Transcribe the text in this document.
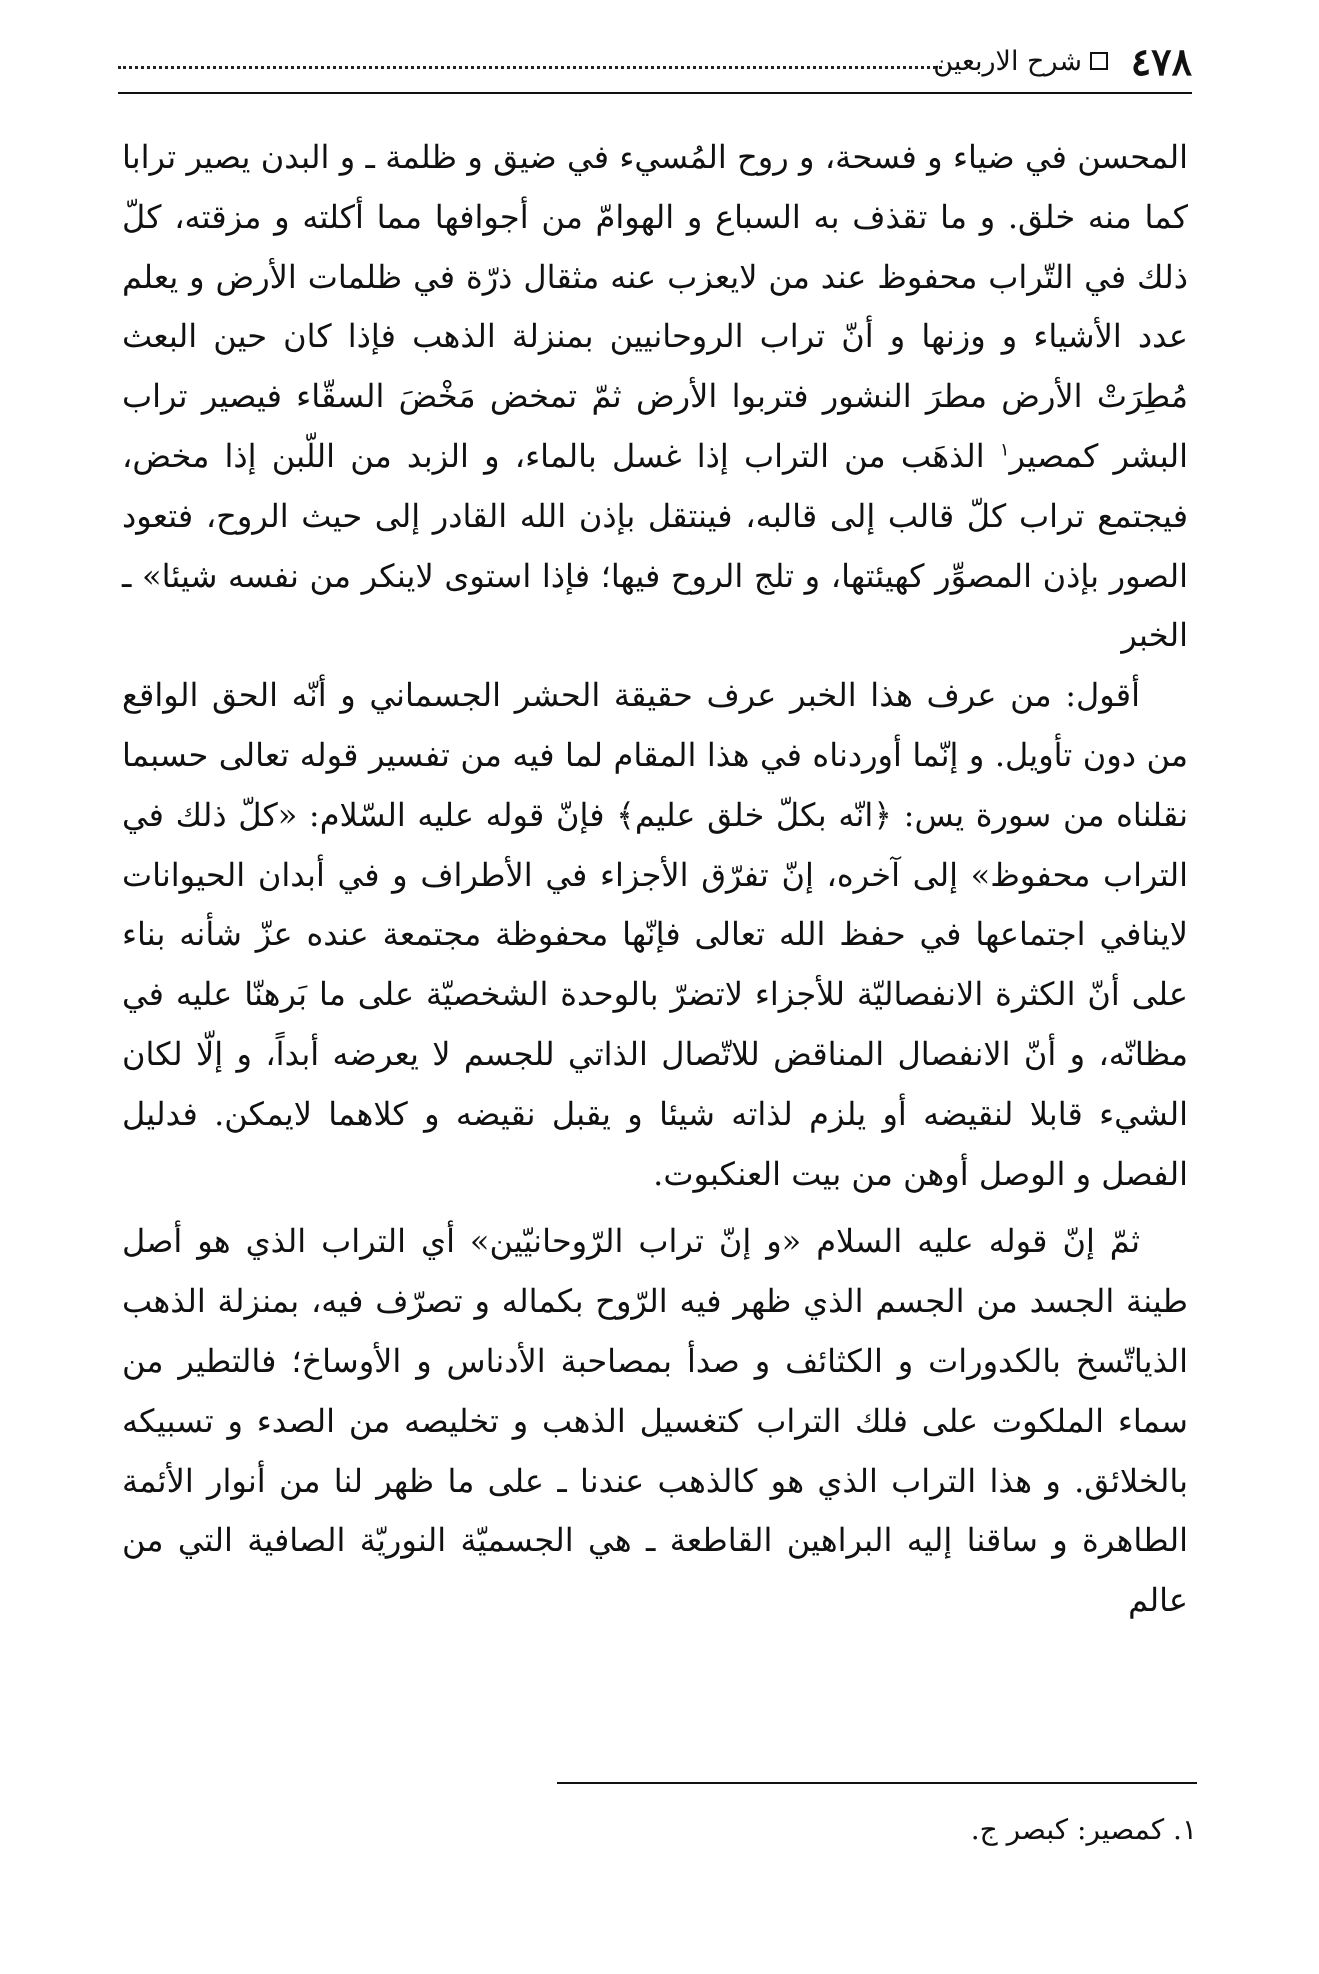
٤٧٨
شرح الاربعين

المحسن في ضياء و فسحة، و روح المُسيء في ضيق و ظلمة ـ و البدن يصير ترابا كما منه خلق. و ما تقذف به السباع و الهوامّ من أجوافها مما أكلته و مزقته، كلّ ذلك في التّراب محفوظ عند من لايعزب عنه مثقال ذرّة في ظلمات الأرض و يعلم عدد الأشياء و وزنها و أنّ تراب الروحانيين بمنزلة الذهب فإذا كان حين البعث مُطِرَتْ الأرض مطرَ النشور فتربوا الأرض ثمّ تمخض مَخْضَ السقّاء فيصير تراب البشر كمصير$^١$ الذهَب من التراب إذا غسل بالماء، و الزبد من اللّبن إذا مخض، فيجتمع تراب كلّ قالب إلى قالبه، فينتقل بإذن الله القادر إلى حيث الروح، فتعود الصور بإذن المصوِّر كهيئتها، و تلج الروح فيها؛ فإذا استوى لاينكر من نفسه شيئا» ـ الخبر

أقول: من عرف هذا الخبر عرف حقيقة الحشر الجسماني و أنّه الحق الواقع من دون تأويل. و إنّما أوردناه في هذا المقام لما فيه من تفسير قوله تعالى حسبما نقلناه من سورة يس: ﴿انّه بكلّ خلق عليم﴾ فإنّ قوله عليه السّلام: «كلّ ذلك في التراب محفوظ» إلى آخره، إنّ تفرّق الأجزاء في الأطراف و في أبدان الحيوانات لاينافي اجتماعها في حفظ الله تعالى فإنّها محفوظة مجتمعة عنده عزّ شأنه بناء على أنّ الكثرة الانفصاليّة للأجزاء لاتضرّ بالوحدة الشخصيّة على ما بَرهنّا عليه في مظانّه، و أنّ الانفصال المناقض للاتّصال الذاتي للجسم لا يعرضه أبداً، و إلّا لكان الشيء قابلا لنقيضه أو يلزم لذاته شيئا و يقبل نقيضه و كلاهما لايمكن. فدليل الفصل و الوصل أوهن من بيت العنكبوت.

ثمّ إنّ قوله عليه السلام «و إنّ تراب الرّوحانيّين» أي التراب الذي هو أصل طينة الجسد من الجسم الذي ظهر فيه الرّوح بكماله و تصرّف فيه، بمنزلة الذهب الذياتّسخ بالكدورات و الكثائف و صدأ بمصاحبة الأدناس و الأوساخ؛ فالتطير من سماء الملكوت على فلك التراب كتغسيل الذهب و تخليصه من الصدء و تسبيكه بالخلائق. و هذا التراب الذي هو كالذهب عندنا ـ على ما ظهر لنا من أنوار الأئمة الطاهرة و ساقنا إليه البراهين القاطعة ـ هي الجسميّة النوريّة الصافية التي من عالم

١. كمصير: كبصر ج.
